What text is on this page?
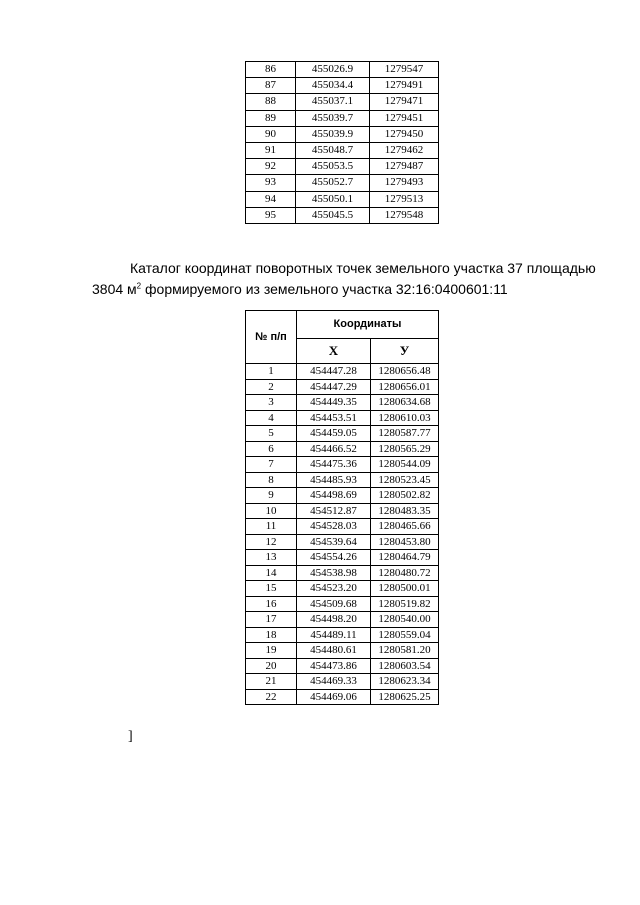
86	455026.9	1279547
87	455034.4	1279491
88	455037.1	1279471
89	455039.7	1279451
90	455039.9	1279450
91	455048.7	1279462
92	455053.5	1279487
93	455052.7	1279493
94	455050.1	1279513
95	455045.5	1279548
Каталог координат поворотных точек земельного участка 37 площадью
3804 $м^2$ формируемого из земельного участка 32:16:0400601:11
№ п/п	Координаты	
	Х	У
1	454447.28	1280656.48
2	454447.29	1280656.01
3	454449.35	1280634.68
4	454453.51	1280610.03
5	454459.05	1280587.77
6	454466.52	1280565.29
7	454475.36	1280544.09
8	454485.93	1280523.45
9	454498.69	1280502.82
10	454512.87	1280483.35
11	454528.03	1280465.66
12	454539.64	1280453.80
13	454554.26	1280464.79
14	454538.98	1280480.72
15	454523.20	1280500.01
16	454509.68	1280519.82
17	454498.20	1280540.00
18	454489.11	1280559.04
19	454480.61	1280581.20
20	454473.86	1280603.54
21	454469.33	1280623.34
22	454469.06	1280625.25
]
